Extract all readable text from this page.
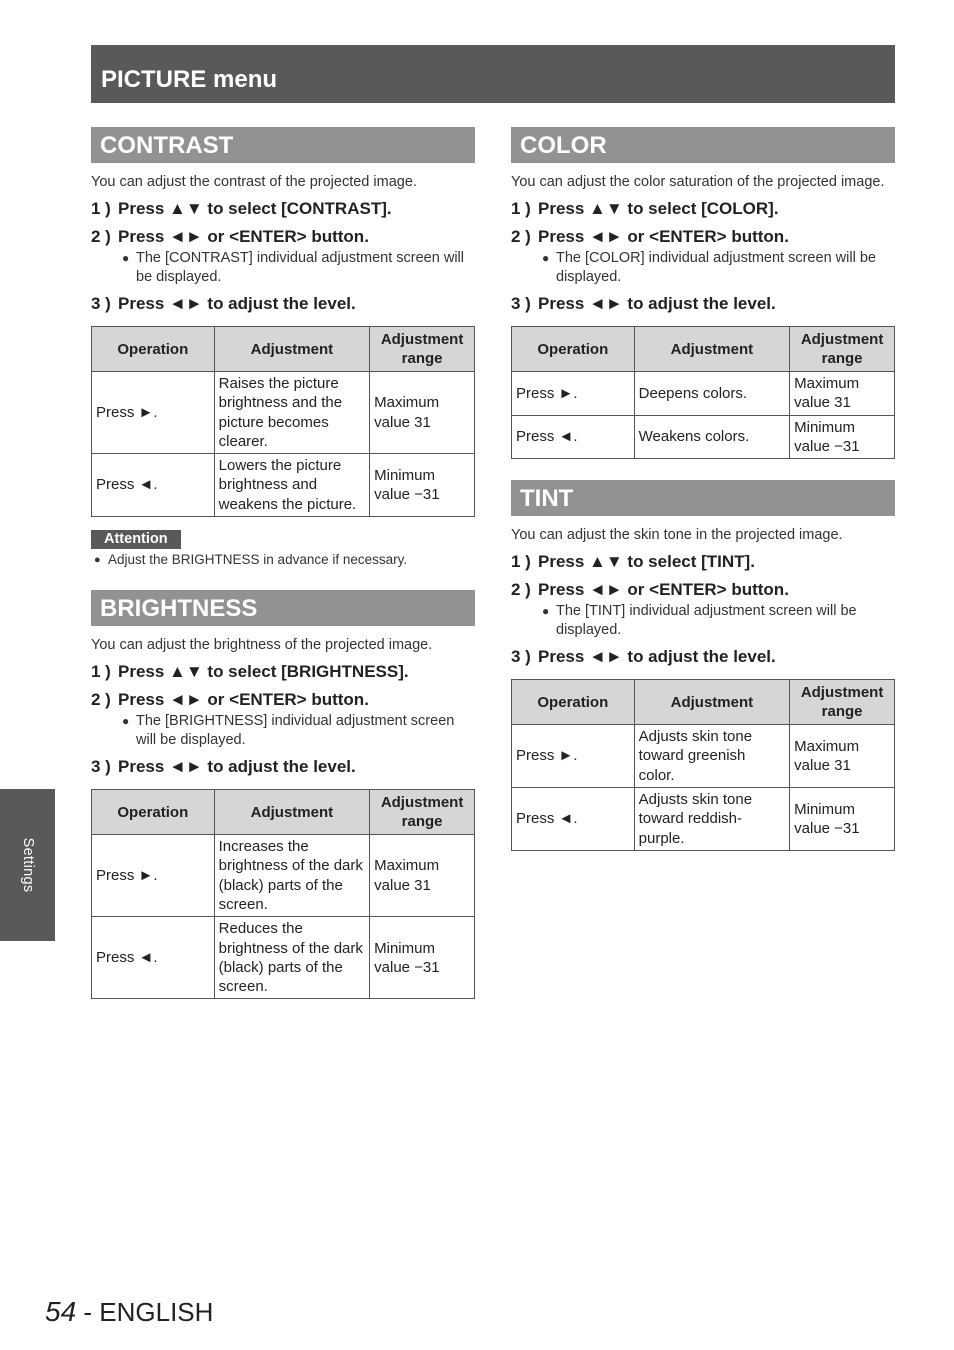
PICTURE menu
CONTRAST

You can adjust the contrast of the projected image.

1 ) Press ▲▼ to select [CONTRAST].
2 ) Press ◄► or <ENTER> button.
● The [CONTRAST] individual adjustment screen will be displayed.
3 ) Press ◄► to adjust the level.
Operation	Adjustment	Adjustment range
Press ►.	Raises the picture brightness and the picture becomes clearer.	Maximum value 31
Press ◄.	Lowers the picture brightness and weakens the picture.	Minimum value −31
Attention
● Adjust the BRIGHTNESS in advance if necessary.
BRIGHTNESS

You can adjust the brightness of the projected image.

1 ) Press ▲▼ to select [BRIGHTNESS].
2 ) Press ◄► or <ENTER> button.
● The [BRIGHTNESS] individual adjustment screen will be displayed.
3 ) Press ◄► to adjust the level.
Operation	Adjustment	Adjustment range
Press ►.	Increases the brightness of the dark (black) parts of the screen.	Maximum value 31
Press ◄.	Reduces the brightness of the dark (black) parts of the screen.	Minimum value −31
COLOR

You can adjust the color saturation of the projected image.

1 ) Press ▲▼ to select [COLOR].
2 ) Press ◄► or <ENTER> button.
● The [COLOR] individual adjustment screen will be displayed.
3 ) Press ◄► to adjust the level.
Operation	Adjustment	Adjustment range
Press ►.	Deepens colors.	Maximum value 31
Press ◄.	Weakens colors.	Minimum value −31
TINT

You can adjust the skin tone in the projected image.

1 ) Press ▲▼ to select [TINT].
2 ) Press ◄► or <ENTER> button.
● The [TINT] individual adjustment screen will be displayed.
3 ) Press ◄► to adjust the level.
Operation	Adjustment	Adjustment range
Press ►.	Adjusts skin tone toward greenish color.	Maximum value 31
Press ◄.	Adjusts skin tone toward reddish-purple.	Minimum value −31
Settings
54 - ENGLISH
